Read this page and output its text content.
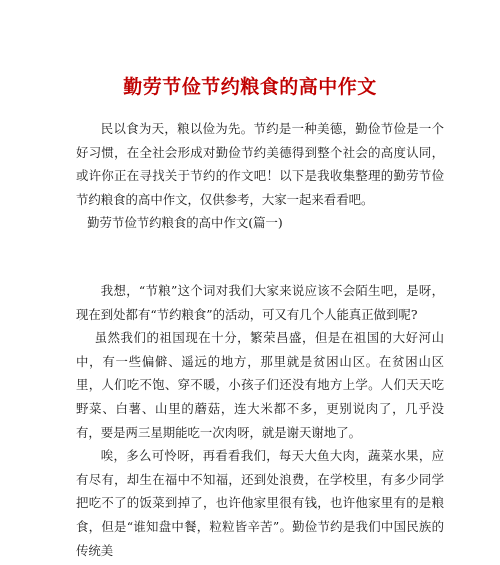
勤劳节俭节约粮食的高中作文

民以食为天，粮以俭为先。节约是一种美德，勤俭节俭是一个好习惯，在全社会形成对勤俭节约美德得到整个社会的高度认同，或许你正在寻找关于节约的作文吧！以下是我收集整理的勤劳节俭节约粮食的高中作文，仅供参考，大家一起来看看吧。

勤劳节俭节约粮食的高中作文(篇一)

我想，“节粮”这个词对我们大家来说应该不会陌生吧，是呀，现在到处都有“节约粮食”的活动，可又有几个人能真正做到呢?

虽然我们的祖国现在十分，繁荣昌盛，但是在祖国的大好河山中，有一些偏僻、遥远的地方，那里就是贫困山区。在贫困山区里，人们吃不饱、穿不暖，小孩子们还没有地方上学。人们天天吃野菜、白薯、山里的蘑菇，连大米都不多，更别说肉了，几乎没有，要是两三星期能吃一次肉呀，就是谢天谢地了。

唉，多么可怜呀，再看看我们，每天大鱼大肉，蔬菜水果，应有尽有，却生在福中不知福，还到处浪费，在学校里，有多少同学把吃不了的饭菜到掉了，也许他家里很有钱，也许他家里有的是粮食，但是“谁知盘中餐，粒粒皆辛苦”。勤俭节约是我们中国民族的传统美
